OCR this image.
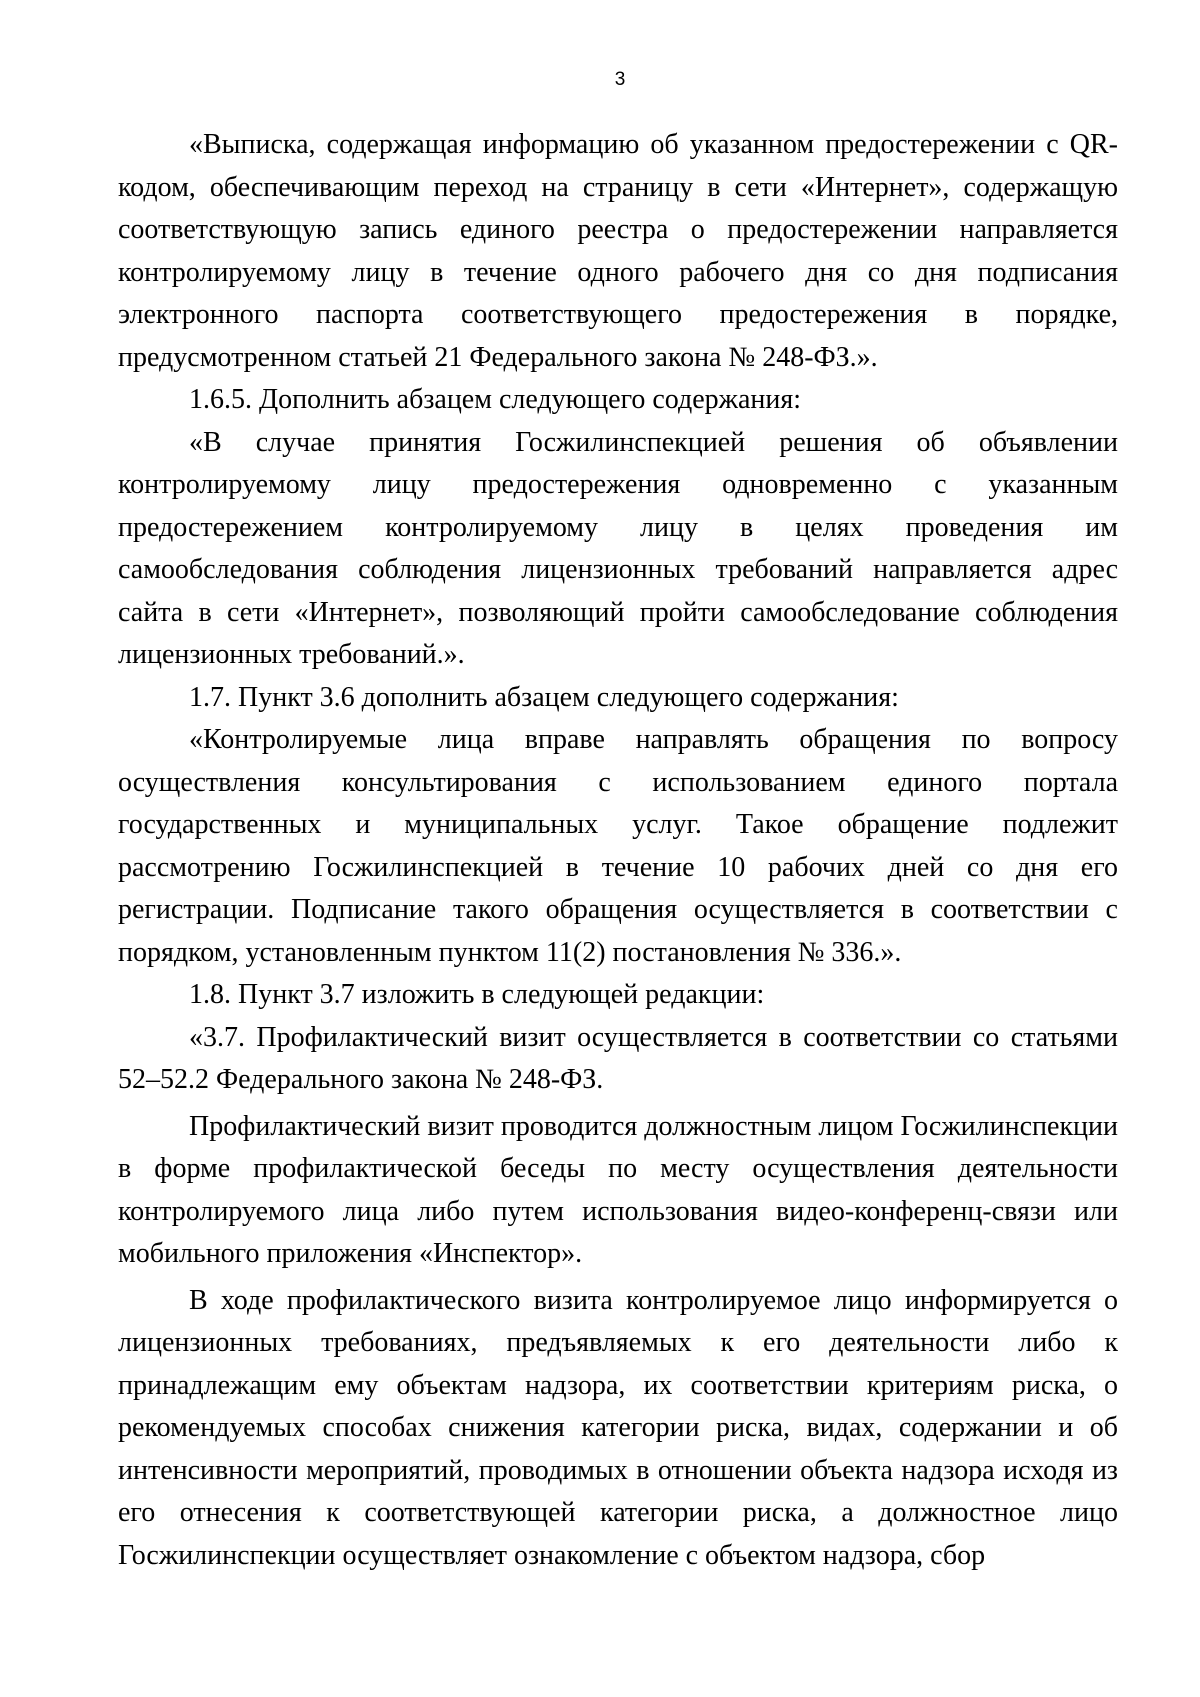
3

«Выписка, содержащая информацию об указанном предостережении с QR-кодом, обеспечивающим переход на страницу в сети «Интернет», содержащую соответствующую запись единого реестра о предостережении направляется контролируемому лицу в течение одного рабочего дня со дня подписания электронного паспорта соответствующего предостережения в порядке, предусмотренном статьей 21 Федерального закона № 248-ФЗ.».

1.6.5. Дополнить абзацем следующего содержания:

«В случае принятия Госжилинспекцией решения об объявлении контролируемому лицу предостережения одновременно с указанным предостережением контролируемому лицу в целях проведения им самообследования соблюдения лицензионных требований направляется адрес сайта в сети «Интернет», позволяющий пройти самообследование соблюдения лицензионных требований.».

1.7. Пункт 3.6 дополнить абзацем следующего содержания:

«Контролируемые лица вправе направлять обращения по вопросу осуществления консультирования с использованием единого портала государственных и муниципальных услуг. Такое обращение подлежит рассмотрению Госжилинспекцией в течение 10 рабочих дней со дня его регистрации. Подписание такого обращения осуществляется в соответствии с порядком, установленным пунктом 11(2) постановления № 336.».

1.8. Пункт 3.7 изложить в следующей редакции:

«3.7. Профилактический визит осуществляется в соответствии со статьями 52–52.2 Федерального закона № 248-ФЗ.

Профилактический визит проводится должностным лицом Госжилинспекции в форме профилактической беседы по месту осуществления деятельности контролируемого лица либо путем использования видео-конференц-связи или мобильного приложения «Инспектор».

В ходе профилактического визита контролируемое лицо информируется о лицензионных требованиях, предъявляемых к его деятельности либо к принадлежащим ему объектам надзора, их соответствии критериям риска, о рекомендуемых способах снижения категории риска, видах, содержании и об интенсивности мероприятий, проводимых в отношении объекта надзора исходя из его отнесения к соответствующей категории риска, а должностное лицо Госжилинспекции осуществляет ознакомление с объектом надзора, сбор
